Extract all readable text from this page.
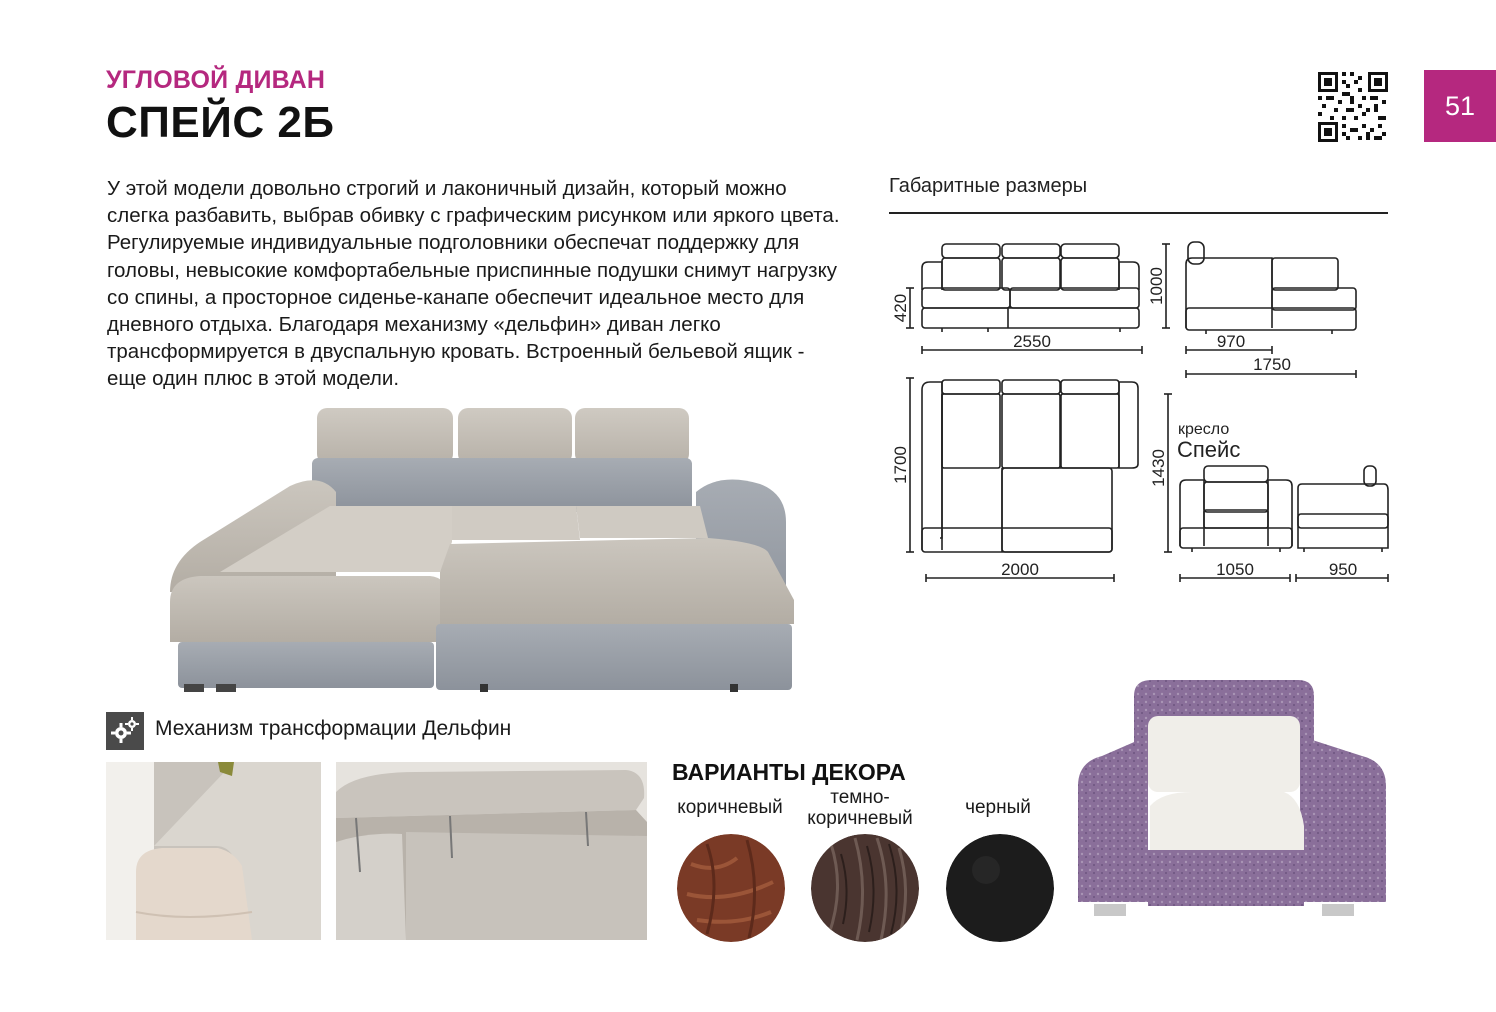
УГЛОВОЙ ДИВАН
СПЕЙС 2Б	51
У этой модели довольно строгий и лаконичный дизайн, который можно слегка разбавить, выбрав обивку с графическим рисунком или яркого цвета. Регулируемые индивидуальные подголовники обеспечат поддержку для головы, невысокие комфортабельные приспинные подушки снимут нагрузку со спины, а просторное сиденье-канапе обеспечит идеальное место для дневного отдыха. Благодаря механизму «дельфин» диван легко трансформируется в двуспальную кровать. Встроенный бельевой ящик - еще один плюс в этой модели.
Габаритные размеры
2550
420
1000
970
1750
1700
2000
1430
1050	950
кресло
Спейс
Механизм трансформации Дельфин
ВАРИАНТЫ ДЕКОРА
коричневый	темно-
коричневый
черный
